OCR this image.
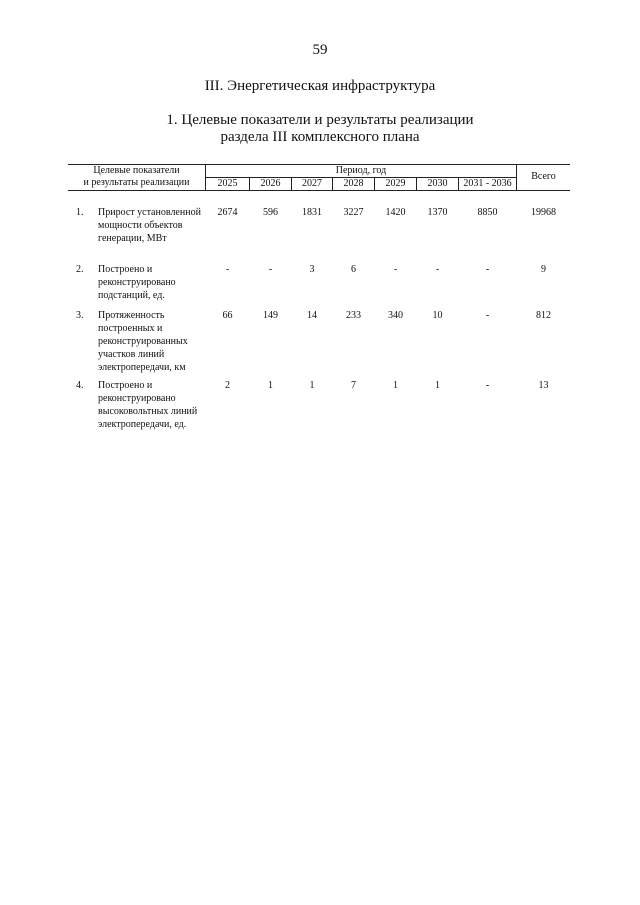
59
III. Энергетическая инфраструктура
1. Целевые показатели и результаты реализации
раздела III комплексного плана
Целевые показатели
и результаты реализации
Период, год
Всего
2025	2026	2027	2028	2029	2030	2031 - 2036
1. Прирост установленной мощности объектов генерации, МВт
2674	596	1831	3227	1420	1370	8850	19968
2. Построено и реконструировано подстанций, ед.
-	-	3	6	-	-	-	9
3. Протяженность построенных и реконструированных участков линий электропередачи, км
66	149	14	233	340	10	-	812
4. Построено и реконструировано высоковольтных линий электропередачи, ед.
2	1	1	7	1	1	-	13
